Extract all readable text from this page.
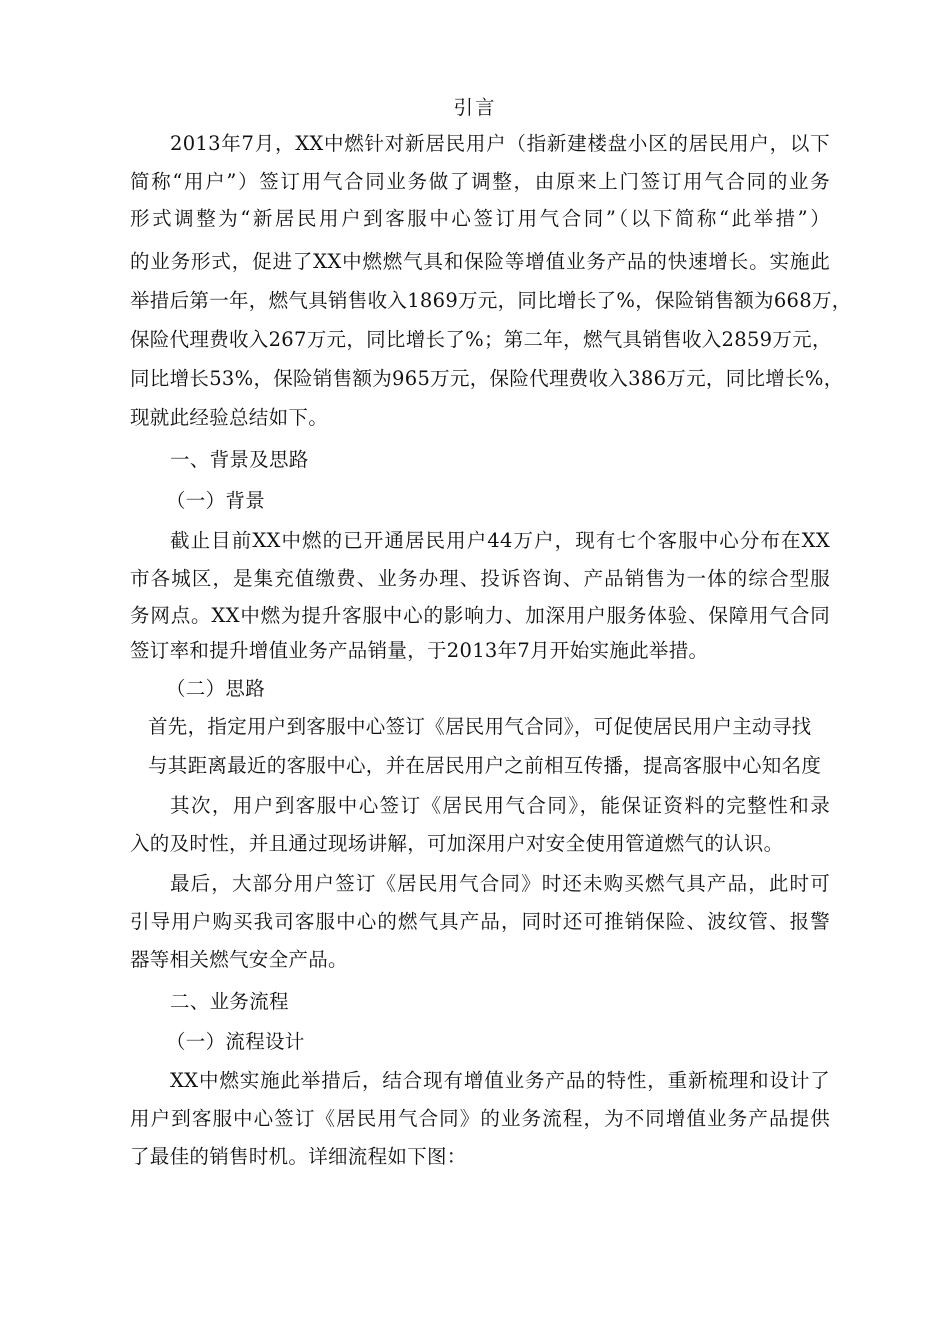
引言
2013年7月，XX中燃针对新居民用户（指新建楼盘小区的居民用户，以下
简称“用户”）签订用气合同业务做了调整，由原来上门签订用气合同的业务
形式调整为“新居民用户到客服中心签订用气合同”（以下简称“此举措”）
的业务形式，促进了XX中燃燃气具和保险等增值业务产品的快速增长。实施此
举措后第一年，燃气具销售收入1869万元，同比增长了%，保险销售额为668万，
保险代理费收入267万元，同比增长了%；第二年，燃气具销售收入2859万元，
同比增长53%，保险销售额为965万元，保险代理费收入386万元，同比增长%，
现就此经验总结如下。
一、背景及思路
（一）背景
截止目前XX中燃的已开通居民用户44万户，现有七个客服中心分布在XX
市各城区，是集充值缴费、业务办理、投诉咨询、产品销售为一体的综合型服
务网点。XX中燃为提升客服中心的影响力、加深用户服务体验、保障用气合同
签订率和提升增值业务产品销量，于2013年7月开始实施此举措。
（二）思路
首先，指定用户到客服中心签订《居民用气合同》，可促使居民用户主动寻找
与其距离最近的客服中心，并在居民用户之前相互传播，提高客服中心知名度
其次，用户到客服中心签订《居民用气合同》，能保证资料的完整性和录
入的及时性，并且通过现场讲解，可加深用户对安全使用管道燃气的认识。
最后，大部分用户签订《居民用气合同》时还未购买燃气具产品，此时可
引导用户购买我司客服中心的燃气具产品，同时还可推销保险、波纹管、报警
器等相关燃气安全产品。
二、业务流程
（一）流程设计
XX中燃实施此举措后，结合现有增值业务产品的特性，重新梳理和设计了
用户到客服中心签订《居民用气合同》的业务流程，为不同增值业务产品提供
了最佳的销售时机。详细流程如下图：
